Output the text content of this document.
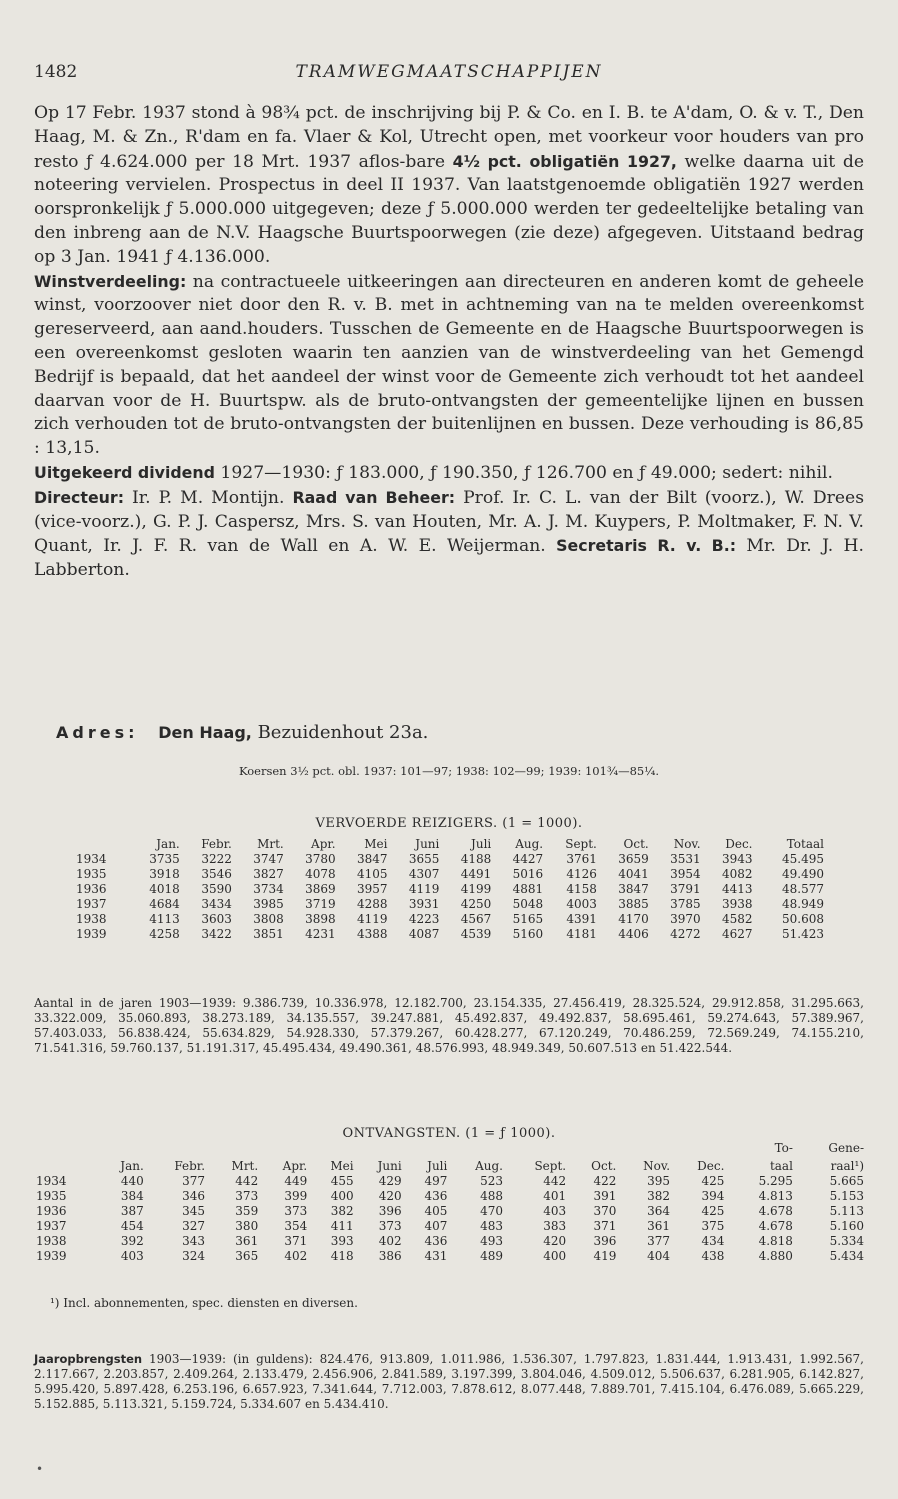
1482	TRAMWEGMAATSCHAPPIJEN

Op 17 Febr. 1937 stond à 98¾ pct. de inschrijving bij P. & Co. en I. B. te A'dam, O. & v. T., Den Haag, M. & Zn., R'dam en fa. Vlaer & Kol, Utrecht open, met voorkeur voor houders van pro resto ƒ 4.624.000 per 18 Mrt. 1937 aflos-bare 4½ pct. obligatiën 1927, welke daarna uit de noteering vervielen. Prospectus in deel II 1937. Van laatstgenoemde obligatiën 1927 werden oorspronkelijk ƒ 5.000.000 uitgegeven; deze ƒ 5.000.000 werden ter gedeeltelijke betaling van den inbreng aan de N.V. Haagsche Buurtspoorwegen (zie deze) afgegeven. Uitstaand bedrag op 3 Jan. 1941 ƒ 4.136.000.

Winstverdeeling: na contractueele uitkeeringen aan directeuren en anderen komt de geheele winst, voorzoover niet door den R. v. B. met in achtneming van na te melden overeenkomst gereserveerd, aan aand.houders. Tusschen de Gemeente en de Haagsche Buurtspoorwegen is een overeenkomst gesloten waarin ten aanzien van de winstverdeeling van het Gemengd Bedrijf is bepaald, dat het aandeel der winst voor de Gemeente zich verhoudt tot het aandeel daarvan voor de H. Buurtspw. als de bruto-ontvangsten der gemeentelijke lijnen en bussen zich verhouden tot de bruto-ontvangsten der buitenlijnen en bussen. Deze verhouding is 86,85 : 13,15.

Uitgekeerd dividend 1927—1930: ƒ 183.000, ƒ 190.350, ƒ 126.700 en ƒ 49.000; sedert: nihil.

Directeur: Ir. P. M. Montijn. Raad van Beheer: Prof. Ir. C. L. van der Bilt (voorz.), W. Drees (vice-voorz.), G. P. J. Caspersz, Mrs. S. van Houten, Mr. A. J. M. Kuypers, P. Moltmaker, F. N. V. Quant, Ir. J. F. R. van de Wall en A. W. E. Weijerman. Secretaris R. v. B.: Mr. Dr. J. H. Labberton.

Adres: Den Haag, Bezuidenhout 23a.
Koersen 3½ pct. obl. 1937: 101—97; 1938: 102—99; 1939: 101¾—85¼.
VERVOERDE REIZIGERS. (1 = 1000).
	Jan.	Febr.	Mrt.	Apr.	Mei	Juni	Juli	Aug.	Sept.	Oct.	Nov.	Dec.	Totaal
1934	3735	3222	3747	3780	3847	3655	4188	4427	3761	3659	3531	3943	45.495
1935	3918	3546	3827	4078	4105	4307	4491	5016	4126	4041	3954	4082	49.490
1936	4018	3590	3734	3869	3957	4119	4199	4881	4158	3847	3791	4413	48.577
1937	4684	3434	3985	3719	4288	3931	4250	5048	4003	3885	3785	3938	48.949
1938	4113	3603	3808	3898	4119	4223	4567	5165	4391	4170	3970	4582	50.608
1939	4258	3422	3851	4231	4388	4087	4539	5160	4181	4406	4272	4627	51.423
Aantal in de jaren 1903—1939: 9.386.739, 10.336.978, 12.182.700, 23.154.335, 27.456.419, 28.325.524, 29.912.858, 31.295.663, 33.322.009, 35.060.893, 38.273.189, 34.135.557, 39.247.881, 45.492.837, 49.492.837, 58.695.461, 59.274.643, 57.389.967, 57.403.033, 56.838.424, 55.634.829, 54.928.330, 57.379.267, 60.428.277, 67.120.249, 70.486.259, 72.569.249, 74.155.210, 71.541.316, 59.760.137, 51.191.317, 45.495.434, 49.490.361, 48.576.993, 48.949.349, 50.607.513 en 51.422.544.
ONTVANGSTEN. (1 = ƒ 1000).
													To-	Gene-
	Jan.	Febr.	Mrt.	Apr.	Mei	Juni	Juli	Aug.	Sept.	Oct.	Nov.	Dec.	taal	raal¹)
1934	440	377	442	449	455	429	497	523	442	422	395	425	5.295	5.665
1935	384	346	373	399	400	420	436	488	401	391	382	394	4.813	5.153
1936	387	345	359	373	382	396	405	470	403	370	364	425	4.678	5.113
1937	454	327	380	354	411	373	407	483	383	371	361	375	4.678	5.160
1938	392	343	361	371	393	402	436	493	420	396	377	434	4.818	5.334
1939	403	324	365	402	418	386	431	489	400	419	404	438	4.880	5.434
¹) Incl. abonnementen, spec. diensten en diversen.
Jaaropbrengsten 1903—1939: (in guldens): 824.476, 913.809, 1.011.986, 1.536.307, 1.797.823, 1.831.444, 1.913.431, 1.992.567, 2.117.667, 2.203.857, 2.409.264, 2.133.479, 2.456.906, 2.841.589, 3.197.399, 3.804.046, 4.509.012, 5.506.637, 6.281.905, 6.142.827, 5.995.420, 5.897.428, 6.253.196, 6.657.923, 7.341.644, 7.712.003, 7.878.612, 8.077.448, 7.889.701, 7.415.104, 6.476.089, 5.665.229, 5.152.885, 5.113.321, 5.159.724, 5.334.607 en 5.434.410.
•
